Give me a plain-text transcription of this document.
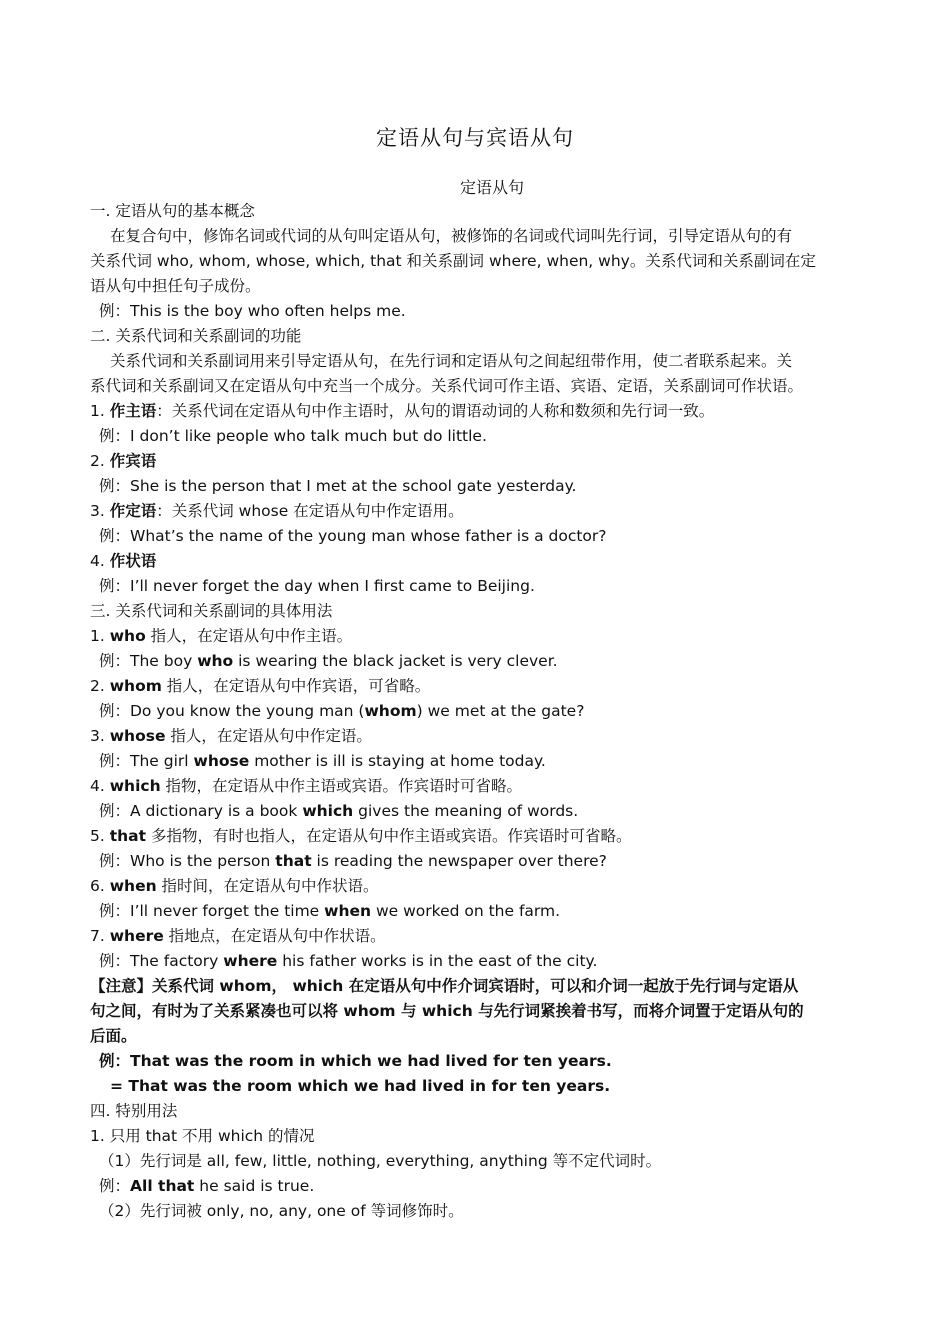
定语从句与宾语从句
定语从句
一. 定语从句的基本概念
在复合句中，修饰名词或代词的从句叫定语从句，被修饰的名词或代词叫先行词，引导定语从句的有
关系代词 who, whom, whose, which, that 和关系副词 where, when, why。关系代词和关系副词在定
语从句中担任句子成份。
例：This is the boy who often helps me.
二. 关系代词和关系副词的功能
关系代词和关系副词用来引导定语从句，在先行词和定语从句之间起纽带作用，使二者联系起来。关
系代词和关系副词又在定语从句中充当一个成分。关系代词可作主语、宾语、定语，关系副词可作状语。
1. 作主语：关系代词在定语从句中作主语时，从句的谓语动词的人称和数须和先行词一致。
例：I don’t like people who talk much but do little.
2. 作宾语
例：She is the person that I met at the school gate yesterday.
3. 作定语：关系代词 whose 在定语从句中作定语用。
例：What’s the name of the young man whose father is a doctor?
4. 作状语
例：I’ll never forget the day when I first came to Beijing.
三. 关系代词和关系副词的具体用法
1. who 指人，在定语从句中作主语。
例：The boy who is wearing the black jacket is very clever.
2. whom 指人，在定语从句中作宾语，可省略。
例：Do you know the young man (whom) we met at the gate?
3. whose 指人，在定语从句中作定语。
例：The girl whose mother is ill is staying at home today.
4. which 指物，在定语从中作主语或宾语。作宾语时可省略。
例：A dictionary is a book which gives the meaning of words.
5. that 多指物，有时也指人，在定语从句中作主语或宾语。作宾语时可省略。
例：Who is the person that is reading the newspaper over there?
6. when 指时间，在定语从句中作状语。
例：I’ll never forget the time when we worked on the farm.
7. where 指地点，在定语从句中作状语。
例：The factory where his father works is in the east of the city.
【注意】关系代词 whom， which 在定语从句中作介词宾语时，可以和介词一起放于先行词与定语从
句之间，有时为了关系紧凑也可以将 whom 与 which 与先行词紧挨着书写，而将介词置于定语从句的
后面。
例：That was the room in which we had lived for ten years.
= That was the room which we had lived in for ten years.
四. 特别用法
1. 只用 that 不用 which 的情况
（1）先行词是 all, few, little, nothing, everything, anything 等不定代词时。
例：All that he said is true.
（2）先行词被 only, no, any, one of 等词修饰时。
